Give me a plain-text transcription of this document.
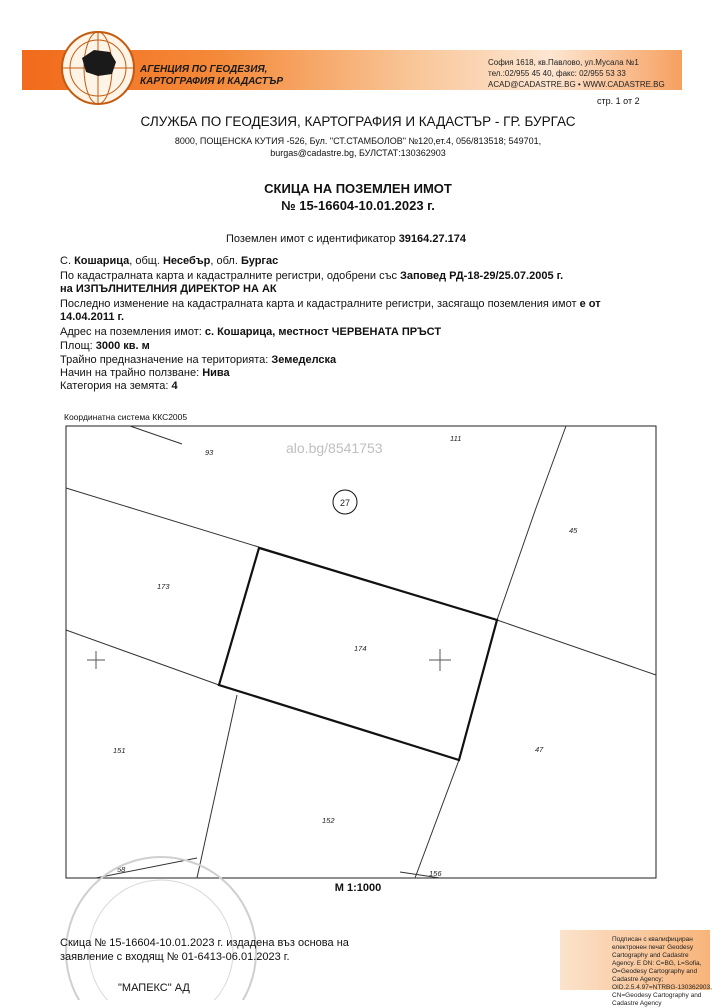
АГЕНЦИЯ ПО ГЕОДЕЗИЯ,
КАРТОГРАФИЯ И КАДАСТЪР
София 1618, кв.Павлово, ул.Мусала №1
тел.:02/955 45 40, факс: 02/955 53 33
ACAD@CADASTRE.BG • WWW.CADASTRE.BG
стр. 1 от 2
СЛУЖБА ПО ГЕОДЕЗИЯ, КАРТОГРАФИЯ И КАДАСТЪР - ГР. БУРГАС
8000, ПОЩЕНСКА КУТИЯ -526, Бул. "СТ.СТАМБОЛОВ" №120,ет.4, 056/813518; 549701,
burgas@cadastre.bg, БУЛСТАТ:130362903
СКИЦА НА ПОЗЕМЛЕН ИМОТ
№ 15-16604-10.01.2023 г.
Поземлен имот с идентификатор 39164.27.174
С. Кошарица, общ. Несебър, обл. Бургас
По кадастралната карта и кадастралните регистри, одобрени със Заповед РД-18-29/25.07.2005 г.
на ИЗПЪЛНИТЕЛНИЯ ДИРЕКТОР НА АК
Последно изменение на кадастралната карта и кадастралните регистри, засягащо поземления имот е от
14.04.2011 г.
Адрес на поземления имот: с. Кошарица, местност ЧЕРВЕНАТА ПРЪСТ
Площ: 3000 кв. м
Трайно предназначение на територията: Земеделска
Начин на трайно ползване: Нива
Категория на земята: 4
Координатна система ККС2005
111
93
27
45
173
174
151	47
152
58	156
alo.bg/8541753
М 1:1000
Подписан с квалифициран електронен печат Geodesy Cartography and Cadastre Agency. Е DN: C=BG, L=Sofia, O=Geodesy Cartography and Cadastre Agency; OID.2.5.4.97=NTRBG-130362903, CN=Geodesy Cartography and Cadastre Agency
Скица № 15-16604-10.01.2023 г. издадена въз основа на
заявление с входящ № 01-6413-06.01.2023 г.
"МАПЕКС" АД
